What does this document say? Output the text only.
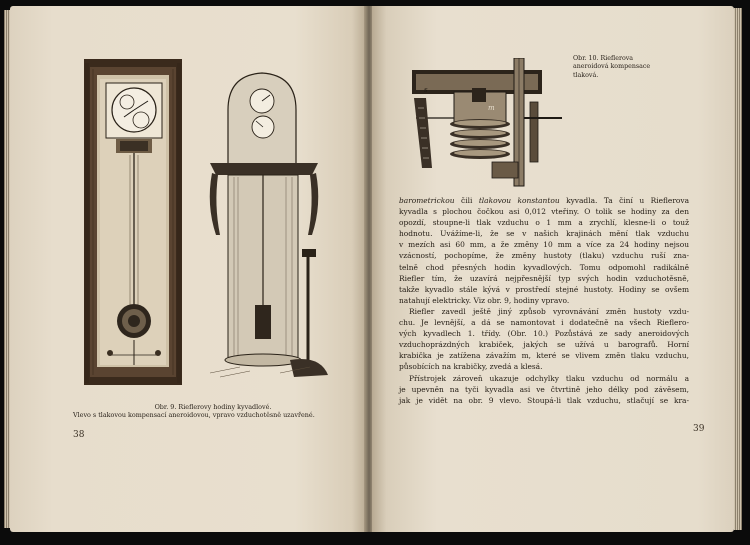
Obr. 9. Rieflerovy hodiny kyvadlové.

Vlevo s tlakovou kompensací aneroidovou, vpravo vzduchotěsně uzavřené.
38
s
m
Obr. 10. Rieflerova
aneroidová kompensace
tlaková.
barometrickou čili tlakovou konstantou kyvadla. Ta činí u Rieflerova
kyvadla s plochou čočkou asi 0,012 vteřiny. O tolik se hodiny za den
opozdí, stoupne-li tlak vzduchu o 1 mm a zrychlí, klesne-li o touž
hodnotu. Uvážíme-li, že se v našich krajinách mění tlak vzduchu
v mezích asi 60 mm, a že změny 10 mm a více za 24 hodiny nejsou
vzácností, pochopíme, že změny hustoty (tlaku) vzduchu ruší zna-
telně chod přesných hodin kyvadlových. Tomu odpomohl radikálně
Riefler tím, že uzavírá nejpřesnější typ svých hodin vzduchotěsně,
takže kyvadlo stále kývá v prostředí stejné hustoty. Hodiny se ovšem
natahují elektricky. Viz obr. 9, hodiny vpravo.
Riefler zavedl ještě jiný způsob vyrovnávání změn hustoty vzdu-
chu. Je levnější, a dá se namontovat i dodatečně na všech Rieflero-
vých kyvadlech 1. třídy. (Obr. 10.) Pozůstává ze sady aneroidových
vzduchoprázdných krabiček, jakých se užívá u barografů. Horní
krabička je zatížena závažím m, které se vlivem změn tlaku vzduchu,
působících na krabičky, zvedá a klesá.
Přístrojek zároveň ukazuje odchylky tlaku vzduchu od normálu a
je upevněn na tyči kyvadla asi ve čtvrtině jeho délky pod závěsem,
jak je vidět na obr. 9 vlevo. Stoupá-li tlak vzduchu, stlačují se kra-
39
